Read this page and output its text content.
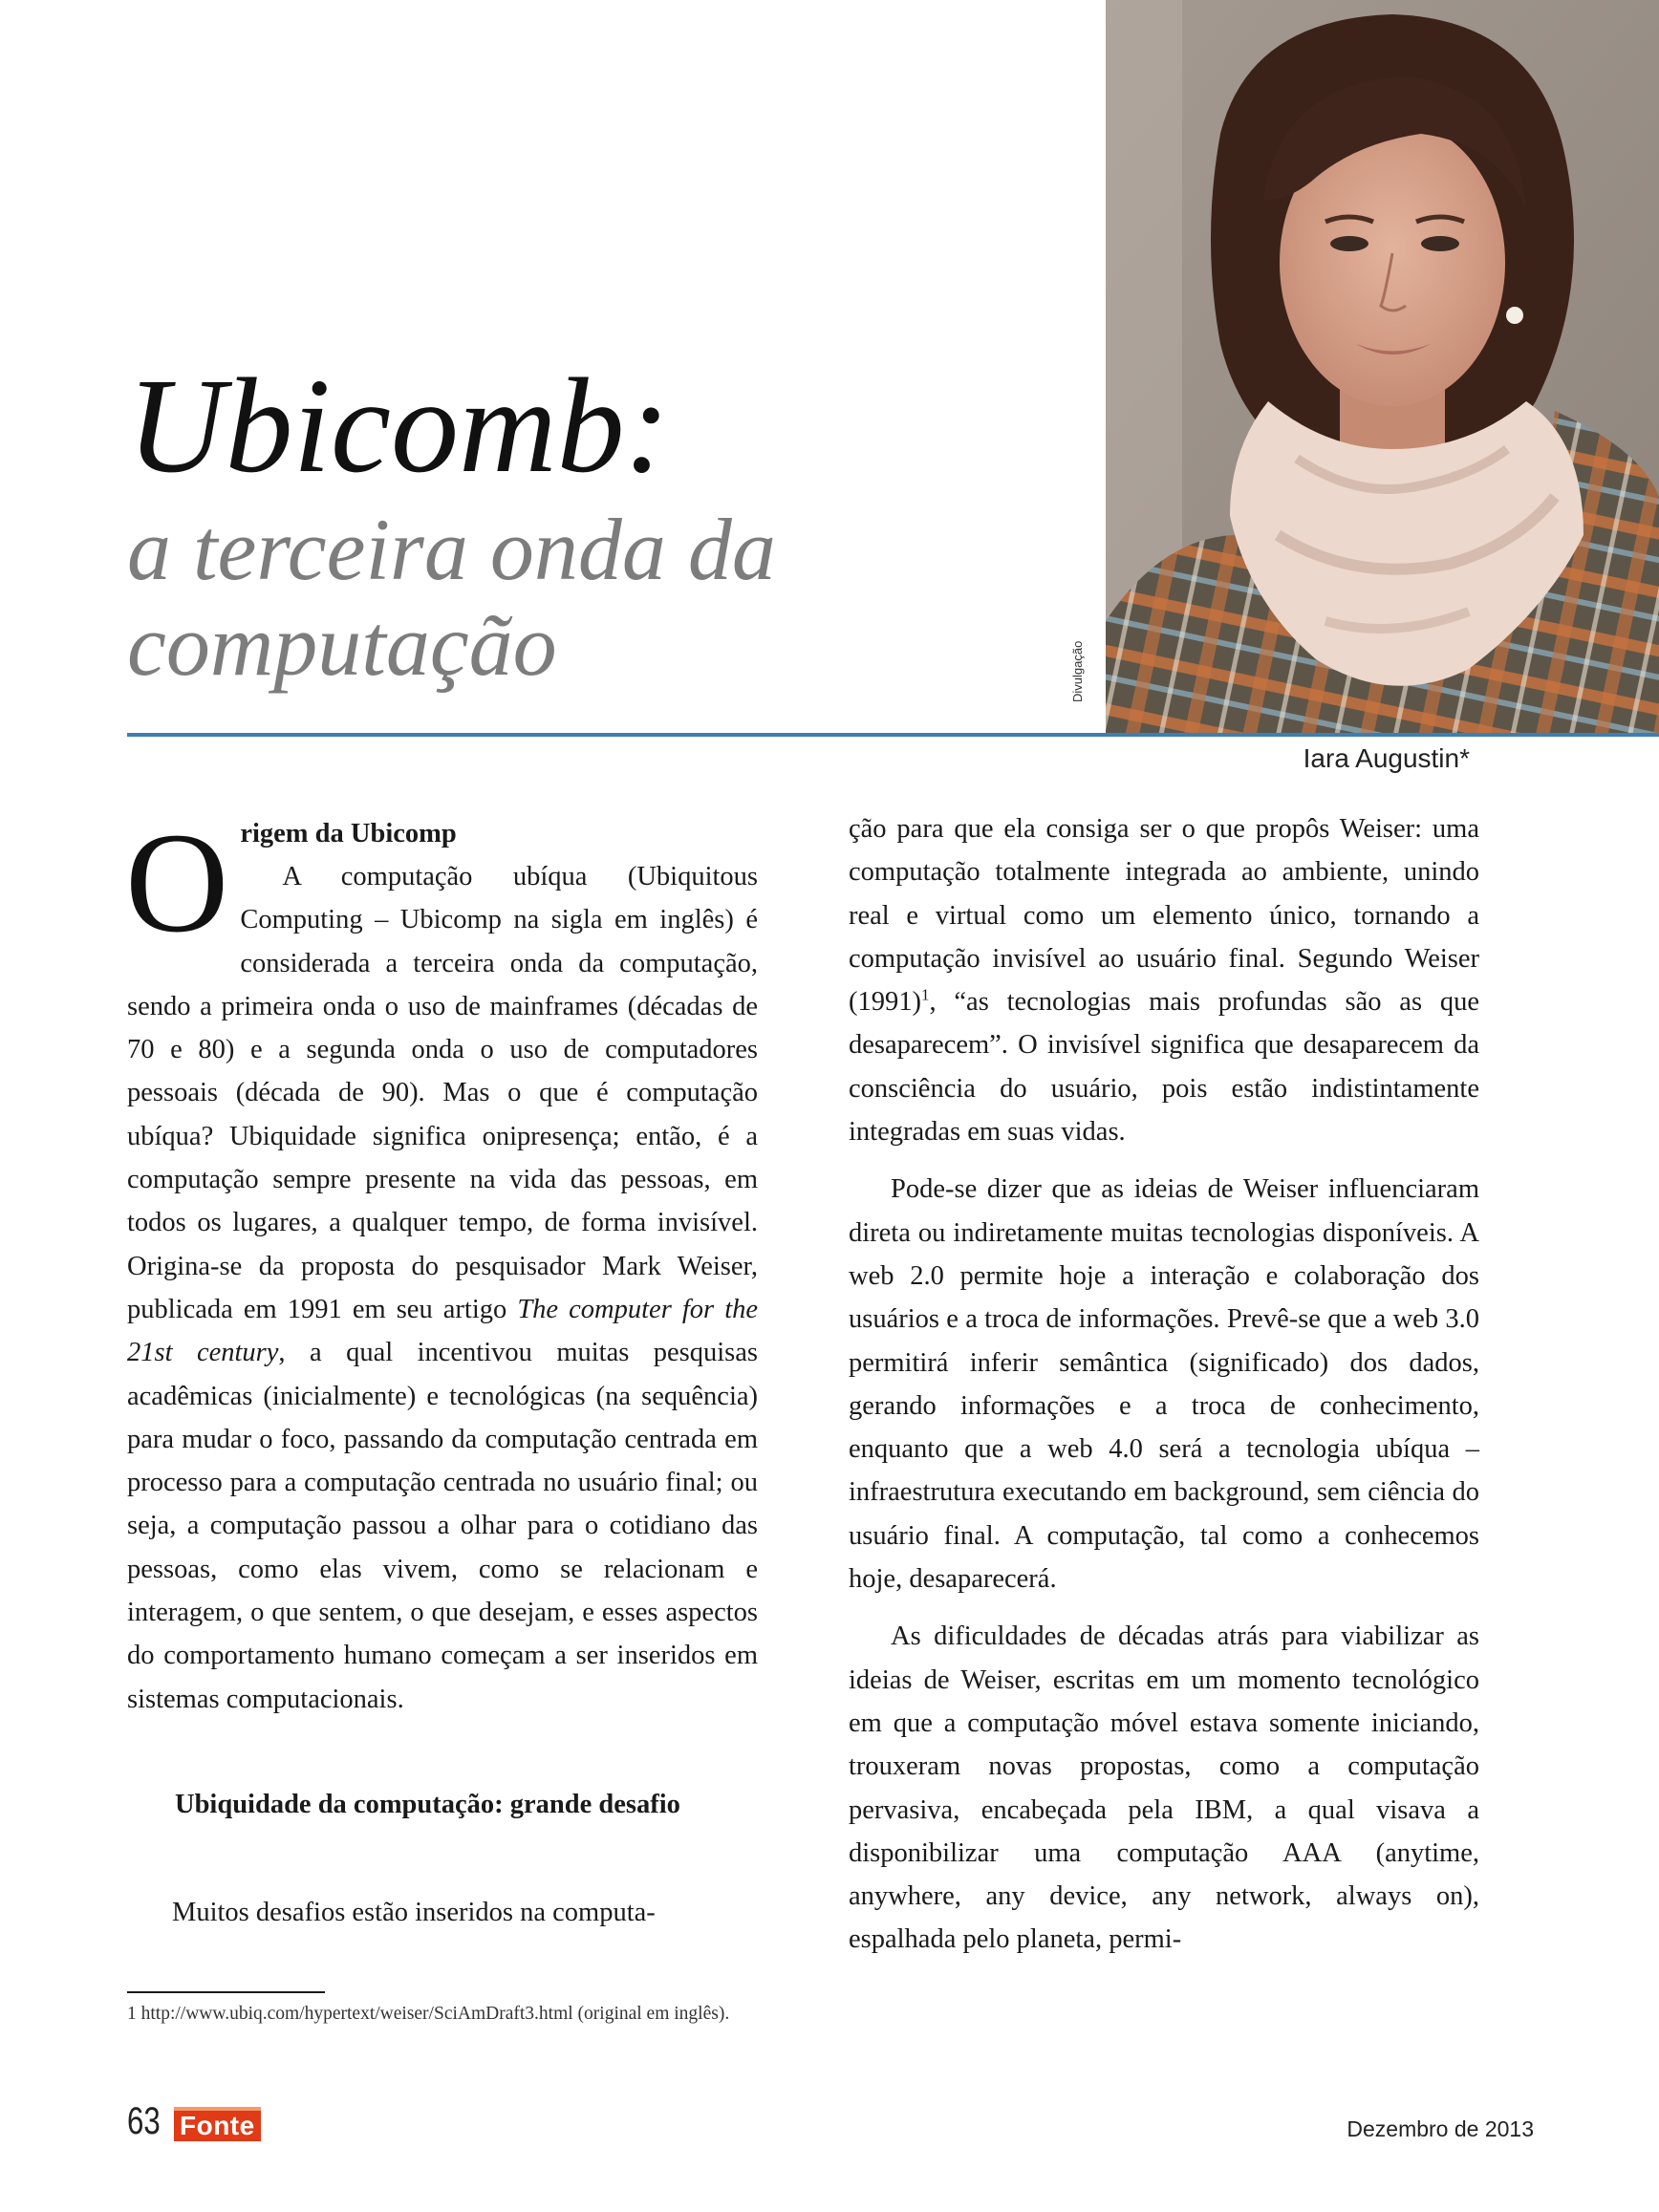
Ubicomb:
a terceira onda da computação	Divulgação

Iara Augustin*

O rigem da Ubicomp

A computação ubíqua (Ubiquitous Computing – Ubicomp na sigla em inglês) é considerada a terceira onda da computação, sendo a primeira onda o uso de mainframes (décadas de 70 e 80) e a segunda onda o uso de computadores pessoais (década de 90). Mas o que é computação ubíqua? Ubiquidade significa onipresença; então, é a computação sempre presente na vida das pessoas, em todos os lugares, a qualquer tempo, de forma invisível. Origina-se da proposta do pesquisador Mark Weiser, publicada em 1991 em seu artigo The computer for the 21st century, a qual incentivou muitas pesquisas acadêmicas (inicialmente) e tecnológicas (na sequência) para mudar o foco, passando da computação centrada em processo para a computação centrada no usuário final; ou seja, a computação passou a olhar para o cotidiano das pessoas, como elas vivem, como se relacionam e interagem, o que sentem, o que desejam, e esses aspectos do comportamento humano começam a ser inseridos em sistemas computacionais.

Ubiquidade da computação: grande desafio

Muitos desafios estão inseridos na computa-

ção para que ela consiga ser o que propôs Weiser: uma computação totalmente integrada ao ambiente, unindo real e virtual como um elemento único, tornando a computação invisível ao usuário final. Segundo Weiser $(1991)^1$, “as tecnologias mais profundas são as que desaparecem”. O invisível significa que desaparecem da consciência do usuário, pois estão indistintamente integradas em suas vidas.

Pode-se dizer que as ideias de Weiser influenciaram direta ou indiretamente muitas tecnologias disponíveis. A web 2.0 permite hoje a interação e colaboração dos usuários e a troca de informações. Prevê-se que a web 3.0 permitirá inferir semântica (significado) dos dados, gerando informações e a troca de conhecimento, enquanto que a web 4.0 será a tecnologia ubíqua – infraestrutura executando em background, sem ciência do usuário final. A computação, tal como a conhecemos hoje, desaparecerá.

As dificuldades de décadas atrás para viabilizar as ideias de Weiser, escritas em um momento tecnológico em que a computação móvel estava somente iniciando, trouxeram novas propostas, como a computação pervasiva, encabeçada pela IBM, a qual visava a disponibilizar uma computação AAA (anytime, anywhere, any device, any network, always on), espalhada pelo planeta, permi-

1 http://www.ubiq.com/hypertext/weiser/SciAmDraft3.html (original em inglês).

63 Fonte	Dezembro de 2013
